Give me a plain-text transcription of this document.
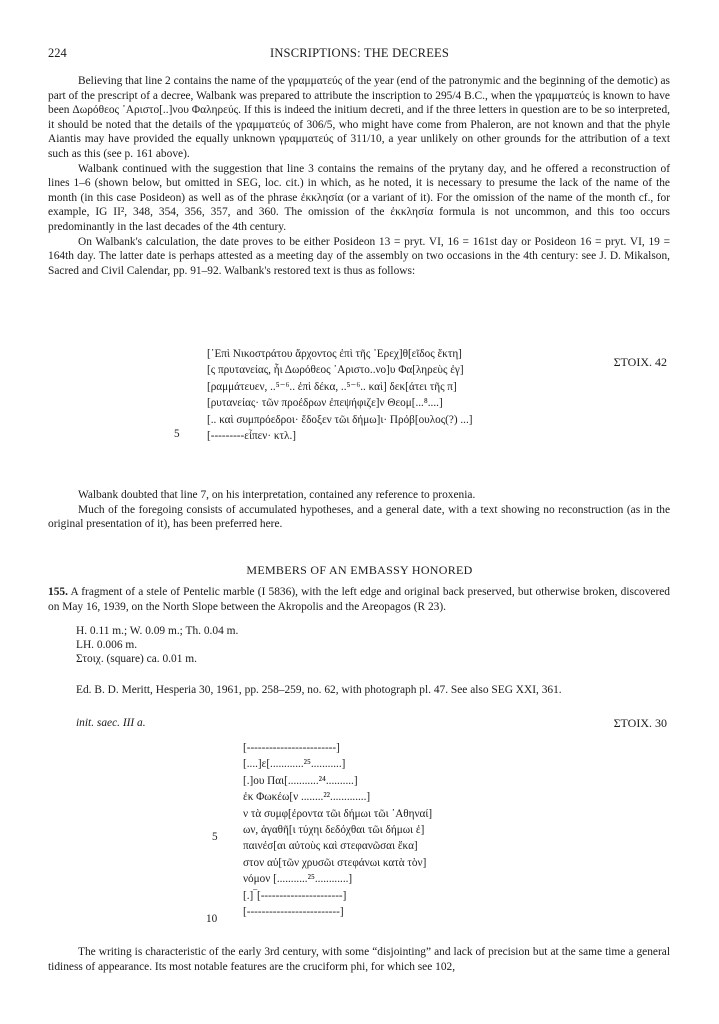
224	INSCRIPTIONS: THE DECREES

Believing that line 2 contains the name of the γραμματεύς of the year (end of the patronymic and the beginning of the demotic) as part of the prescript of a decree, Walbank was prepared to attribute the inscription to 295/4 B.C., when the γραμματεύς is known to have been Δωρόθεος ᾽Αριστο[..]νου Φαληρεύς. If this is indeed the initium decreti, and if the three letters in question are to be so interpreted, it should be noted that the details of the γραμματεύς of 306/5, who might have come from Phaleron, are not known and that the phyle Aiantis may have provided the equally unknown γραμματεύς of 311/10, a year unlikely on other grounds for the attribution of a text such as this (see p. 161 above).

Walbank continued with the suggestion that line 3 contains the remains of the prytany day, and he offered a reconstruction of lines 1–6 (shown below, but omitted in SEG, loc. cit.) in which, as he noted, it is necessary to presume the lack of the name of the month (in this case Posideon) as well as of the phrase ἐκκλησία (or a variant of it). For the omission of the name of the month cf., for example, IG II², 348, 354, 356, 357, and 360. The omission of the ἐκκλησία formula is not uncommon, and this too occurs predominantly in the last decades of the 4th century.

On Walbank's calculation, the date proves to be either Posideon 13 = pryt. VI, 16 = 161st day or Posideon 16 = pryt. VI, 19 = 164th day. The latter date is perhaps attested as a meeting day of the assembly on two occasions in the 4th century: see J. D. Mikalson, Sacred and Civil Calendar, pp. 91–92. Walbank's restored text is thus as follows:

ΣΤΟΙΧ. 42
[᾽Επὶ Νικοστράτου ἄρχοντος ἐπὶ τῆς ᾽Ερεχ]θ[εῖδος ἕκτη]
[ς πρυτανείας, ἧι Δωρόθεος ᾽Αριστο..νο]υ Φα[ληρεὺς ἐγ]
[ραμμάτευεν, ..⁵⁻⁶.. ἐπὶ δέκα, ..⁵⁻⁶.. καὶ] δεκ[άτει τῆς π]
[ρυτανείας· τῶν προέδρων ἐπεψήφιζε]ν Θεομ[...⁸....]
[.. καὶ συμπρόεδροι· ἔδοξεν τῶι δήμω]ι· Πρόβ[ουλος(?) ...]
[---------εἶπεν· κτλ.]
5

Walbank doubted that line 7, on his interpretation, contained any reference to proxenia.

Much of the foregoing consists of accumulated hypotheses, and a general date, with a text showing no reconstruction (as in the original presentation of it), has been preferred here.

MEMBERS OF AN EMBASSY HONORED

155. A fragment of a stele of Pentelic marble (I 5836), with the left edge and original back preserved, but otherwise broken, discovered on May 16, 1939, on the North Slope between the Akropolis and the Areopagos (R 23).

H. 0.11 m.; W. 0.09 m.; Th. 0.04 m.
LH. 0.006 m.
Στοιχ. (square) ca. 0.01 m.
Ed. B. D. Meritt, Hesperia 30, 1961, pp. 258–259, no. 62, with photograph pl. 47. See also SEG XXI, 361.
init. saec. III a.	ΣΤΟΙΧ. 30
[------------------------]
[....]ε[............²⁵...........]
[.]ου Παι[...........²⁴..........]
ἐκ Φωκέω[ν ........²².............]
ν τὰ συμφ[έροντα τῶι δήμωι τῶι ᾽Αθηναί]
ων, ἀγαθῆ[ι τύχηι δεδόχθαι τῶι δήμωι ἐ]
παινέσ[αι αὐτοὺς καὶ στεφανῶσαι ἕκα]
στον αὐ[τῶν χρυσῶι στεφάνωι κατὰ τὸν]
νόμον [...........²⁵............]
[.]‾[----------------------]
[-------------------------]
5
10

The writing is characteristic of the early 3rd century, with some “disjointing” and lack of precision but at the same time a general tidiness of appearance. Its most notable features are the cruciform phi, for which see 102,
